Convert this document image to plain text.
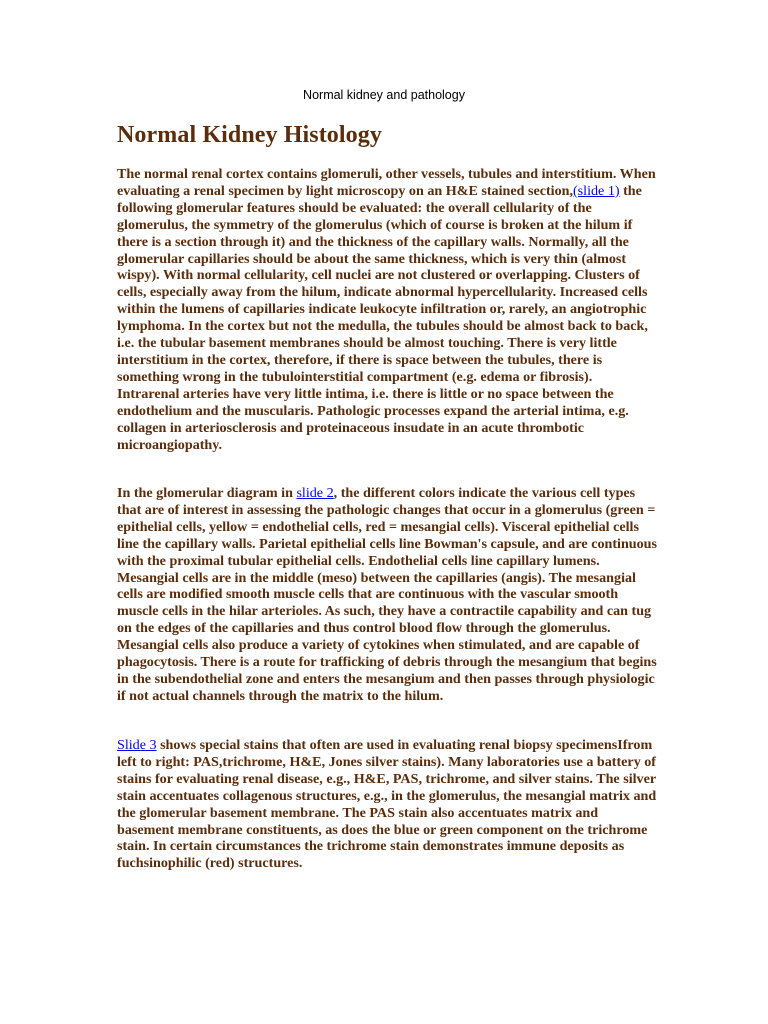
Normal kidney and pathology
Normal Kidney Histology

The normal renal cortex contains glomeruli, other vessels, tubules and interstitium. When evaluating a renal specimen by light microscopy on an H&E stained section,(slide 1) the following glomerular features should be evaluated: the overall cellularity of the glomerulus, the symmetry of the glomerulus (which of course is broken at the hilum if there is a section through it) and the thickness of the capillary walls. Normally, all the glomerular capillaries should be about the same thickness, which is very thin (almost wispy). With normal cellularity, cell nuclei are not clustered or overlapping. Clusters of cells, especially away from the hilum, indicate abnormal hypercellularity. Increased cells within the lumens of capillaries indicate leukocyte infiltration or, rarely, an angiotrophic lymphoma. In the cortex but not the medulla, the tubules should be almost back to back, i.e. the tubular basement membranes should be almost touching. There is very little interstitium in the cortex, therefore, if there is space between the tubules, there is something wrong in the tubulointerstitial compartment (e.g. edema or fibrosis). Intrarenal arteries have very little intima, i.e. there is little or no space between the endothelium and the muscularis. Pathologic processes expand the arterial intima, e.g. collagen in arteriosclerosis and proteinaceous insudate in an acute thrombotic microangiopathy.

In the glomerular diagram in slide 2, the different colors indicate the various cell types that are of interest in assessing the pathologic changes that occur in a glomerulus (green = epithelial cells, yellow = endothelial cells, red = mesangial cells). Visceral epithelial cells line the capillary walls. Parietal epithelial cells line Bowman's capsule, and are continuous with the proximal tubular epithelial cells. Endothelial cells line capillary lumens. Mesangial cells are in the middle (meso) between the capillaries (angis). The mesangial cells are modified smooth muscle cells that are continuous with the vascular smooth muscle cells in the hilar arterioles. As such, they have a contractile capability and can tug on the edges of the capillaries and thus control blood flow through the glomerulus. Mesangial cells also produce a variety of cytokines when stimulated, and are capable of phagocytosis. There is a route for trafficking of debris through the mesangium that begins in the subendothelial zone and enters the mesangium and then passes through physiologic if not actual channels through the matrix to the hilum.

Slide 3 shows special stains that often are used in evaluating renal biopsy specimensIfrom left to right: PAS,trichrome, H&E, Jones silver stains). Many laboratories use a battery of stains for evaluating renal disease, e.g., H&E, PAS, trichrome, and silver stains. The silver stain accentuates collagenous structures, e.g., in the glomerulus, the mesangial matrix and the glomerular basement membrane. The PAS stain also accentuates matrix and basement membrane constituents, as does the blue or green component on the trichrome stain. In certain circumstances the trichrome stain demonstrates immune deposits as fuchsinophilic (red) structures.
